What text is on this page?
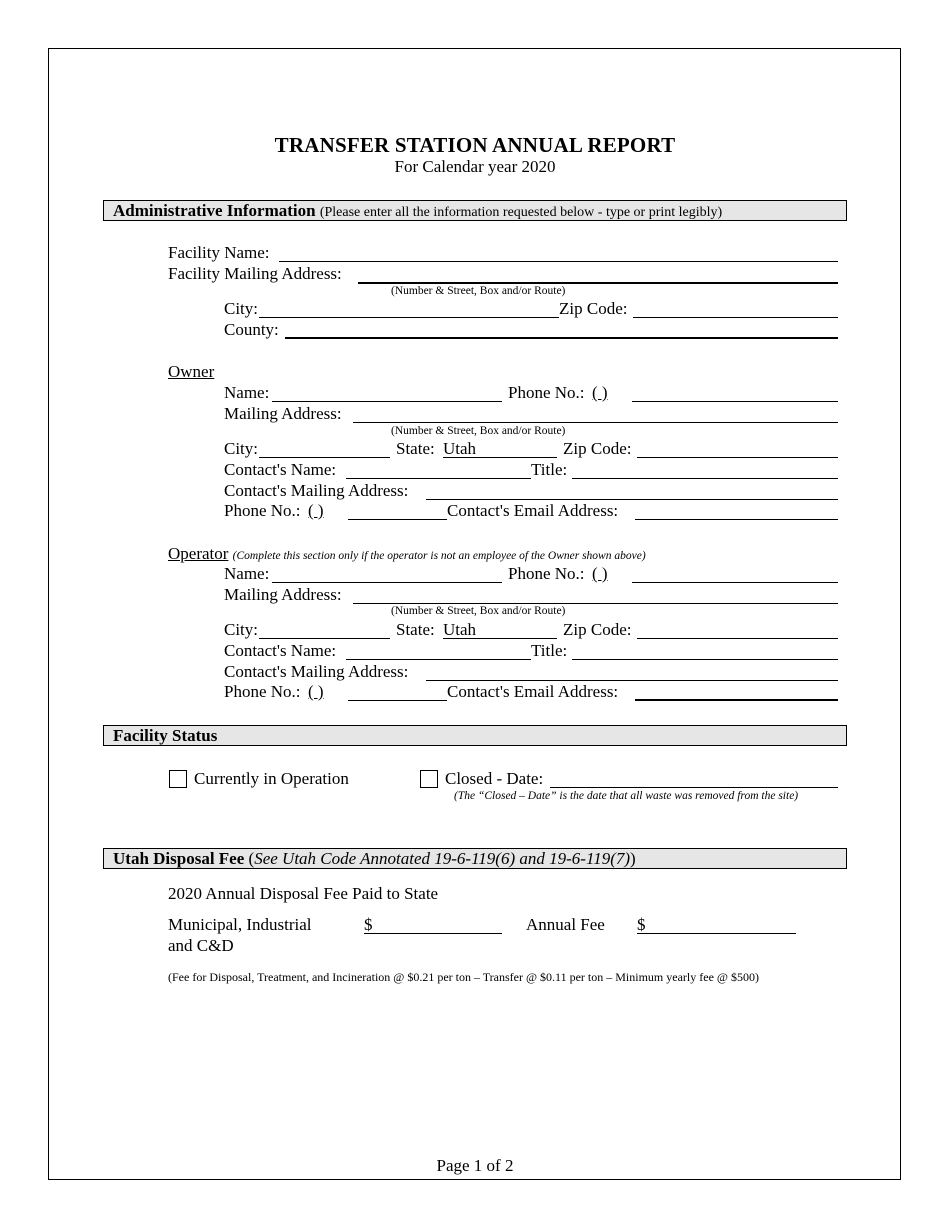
TRANSFER STATION ANNUAL REPORT
For Calendar year 2020
Administrative Information (Please enter all the information requested below - type or print legibly)
Facility Name:
Facility Mailing Address:
(Number & Street, Box and/or Route)
City:	Zip Code:
County:
Owner
Name:	Phone No.: ( )
Mailing Address:
(Number & Street, Box and/or Route)
City:	State: Utah	Zip Code:
Contact's Name:	Title:
Contact's Mailing Address:
Phone No.: ( )	Contact's Email Address:
Operator (Complete this section only if the operator is not an employee of the Owner shown above)
Name:	Phone No.: ( )
Mailing Address:
(Number & Street, Box and/or Route)
City:	State: Utah	Zip Code:
Contact's Name:	Title:
Contact's Mailing Address:
Phone No.: ( )	Contact's Email Address:
Facility Status
Currently in Operation	Closed - Date:
(The “Closed – Date” is the date that all waste was removed from the site)
Utah Disposal Fee (See Utah Code Annotated 19-6-119(6) and 19-6-119(7))
2020 Annual Disposal Fee Paid to State
Municipal, Industrial
and C&D
$	Annual Fee $
(Fee for Disposal, Treatment, and Incineration @ $0.21 per ton – Transfer @ $0.11 per ton – Minimum yearly fee @ $500)
Page 1 of 2
